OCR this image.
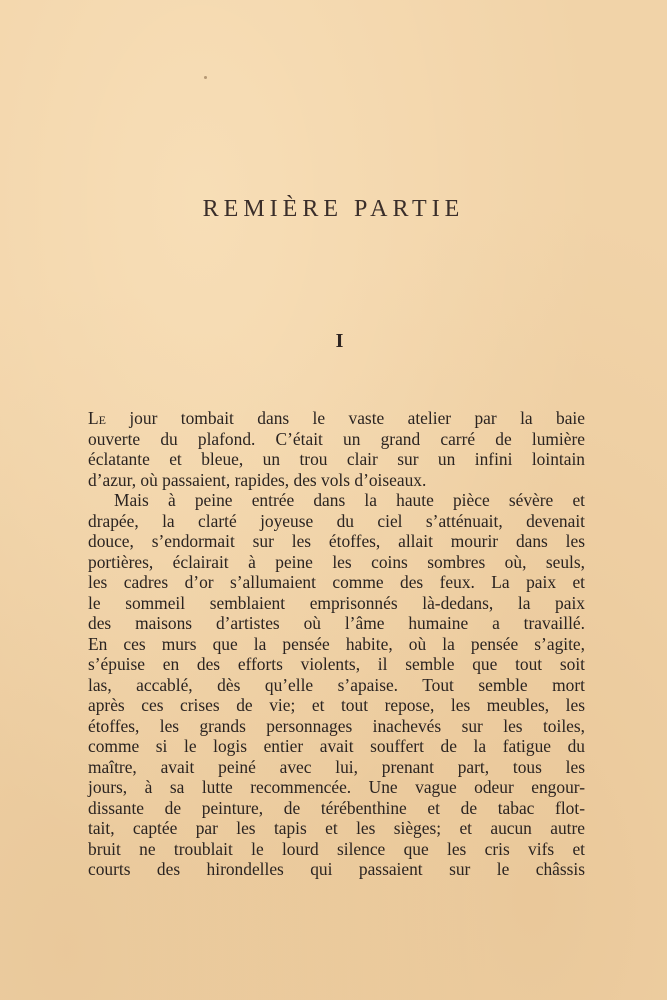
REMIÈRE PARTIE
I

Le jour tombait dans le vaste atelier par la baie
ouverte du plafond. C’était un grand carré de lumière
éclatante et bleue, un trou clair sur un infini lointain
d’azur, où passaient, rapides, des vols d’oiseaux.

Mais à peine entrée dans la haute pièce sévère et
drapée, la clarté joyeuse du ciel s’atténuait, devenait
douce, s’endormait sur les étoffes, allait mourir dans les
portières, éclairait à peine les coins sombres où, seuls,
les cadres d’or s’allumaient comme des feux. La paix et
le sommeil semblaient emprisonnés là-dedans, la paix
des maisons d’artistes où l’âme humaine a travaillé.
En ces murs que la pensée habite, où la pensée s’agite,
s’épuise en des efforts violents, il semble que tout soit
las, accablé, dès qu’elle s’apaise. Tout semble mort
après ces crises de vie; et tout repose, les meubles, les
étoffes, les grands personnages inachevés sur les toiles,
comme si le logis entier avait souffert de la fatigue du
maître, avait peiné avec lui, prenant part, tous les
jours, à sa lutte recommencée. Une vague odeur engour-
dissante de peinture, de térébenthine et de tabac flot-
tait, captée par les tapis et les sièges; et aucun autre
bruit ne troublait le lourd silence que les cris vifs et
courts des hirondelles qui passaient sur le châssis
